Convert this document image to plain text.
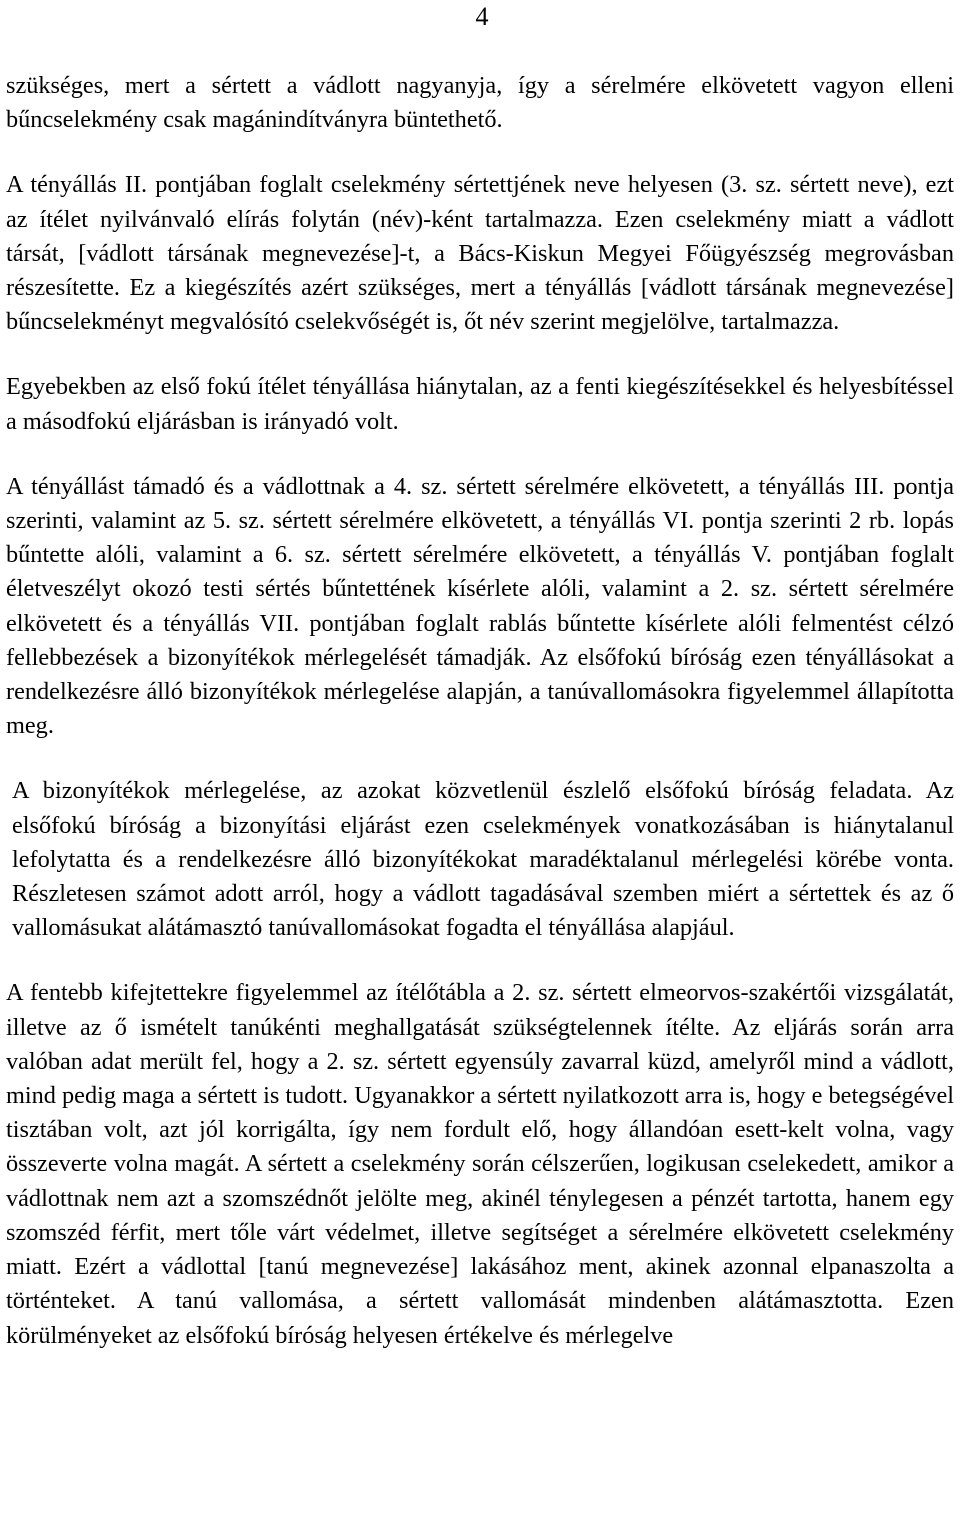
4

szükséges, mert a sértett a vádlott nagyanyja, így a sérelmére elkövetett vagyon elleni bűncselekmény csak magánindítványra büntethető.

A tényállás II. pontjában foglalt cselekmény sértettjének neve helyesen (3. sz. sértett neve), ezt az ítélet nyilvánvaló elírás folytán (név)-ként tartalmazza. Ezen cselekmény miatt a vádlott társát, [vádlott társának megnevezése]-t, a Bács-Kiskun Megyei Főügyészség megrovásban részesítette. Ez a kiegészítés azért szükséges, mert a tényállás [vádlott társának megnevezése] bűncselekményt megvalósító cselekvőségét is, őt név szerint megjelölve, tartalmazza.

Egyebekben az első fokú ítélet tényállása hiánytalan, az a fenti kiegészítésekkel és helyesbítéssel a másodfokú eljárásban is irányadó volt.

A tényállást támadó és a vádlottnak a 4. sz. sértett sérelmére elkövetett, a tényállás III. pontja szerinti, valamint az 5. sz. sértett sérelmére elkövetett, a tényállás VI. pontja szerinti 2 rb. lopás bűntette alóli, valamint a 6. sz. sértett sérelmére elkövetett, a tényállás V. pontjában foglalt életveszélyt okozó testi sértés bűntettének kísérlete alóli, valamint a 2. sz. sértett sérelmére elkövetett és a tényállás VII. pontjában foglalt rablás bűntette kísérlete alóli felmentést célzó fellebbezések a bizonyítékok mérlegelését támadják. Az elsőfokú bíróság ezen tényállásokat a rendelkezésre álló bizonyítékok mérlegelése alapján, a tanúvallomásokra figyelemmel állapította meg.

A bizonyítékok mérlegelése, az azokat közvetlenül észlelő elsőfokú bíróság feladata. Az elsőfokú bíróság a bizonyítási eljárást ezen cselekmények vonatkozásában is hiánytalanul lefolytatta és a rendelkezésre álló bizonyítékokat maradéktalanul mérlegelési körébe vonta. Részletesen számot adott arról, hogy a vádlott tagadásával szemben miért a sértettek és az ő vallomásukat alátámasztó tanúvallomásokat fogadta el tényállása alapjául.

A fentebb kifejtettekre figyelemmel az ítélőtábla a 2. sz. sértett elmeorvos-szakértői vizsgálatát, illetve az ő ismételt tanúkénti meghallgatását szükségtelennek ítélte. Az eljárás során arra valóban adat merült fel, hogy a 2. sz. sértett egyensúly zavarral küzd, amelyről mind a vádlott, mind pedig maga a sértett is tudott. Ugyanakkor a sértett nyilatkozott arra is, hogy e betegségével tisztában volt, azt jól korrigálta, így nem fordult elő, hogy állandóan esett-kelt volna, vagy összeverte volna magát. A sértett a cselekmény során célszerűen, logikusan cselekedett, amikor a vádlottnak nem azt a szomszédnőt jelölte meg, akinél ténylegesen a pénzét tartotta, hanem egy szomszéd férfit, mert tőle várt védelmet, illetve segítséget a sérelmére elkövetett cselekmény miatt. Ezért a vádlottal [tanú megnevezése] lakásához ment, akinek azonnal elpanaszolta a történteket. A tanú vallomása, a sértett vallomását mindenben alátámasztotta. Ezen körülményeket az elsőfokú bíróság helyesen értékelve és mérlegelve
